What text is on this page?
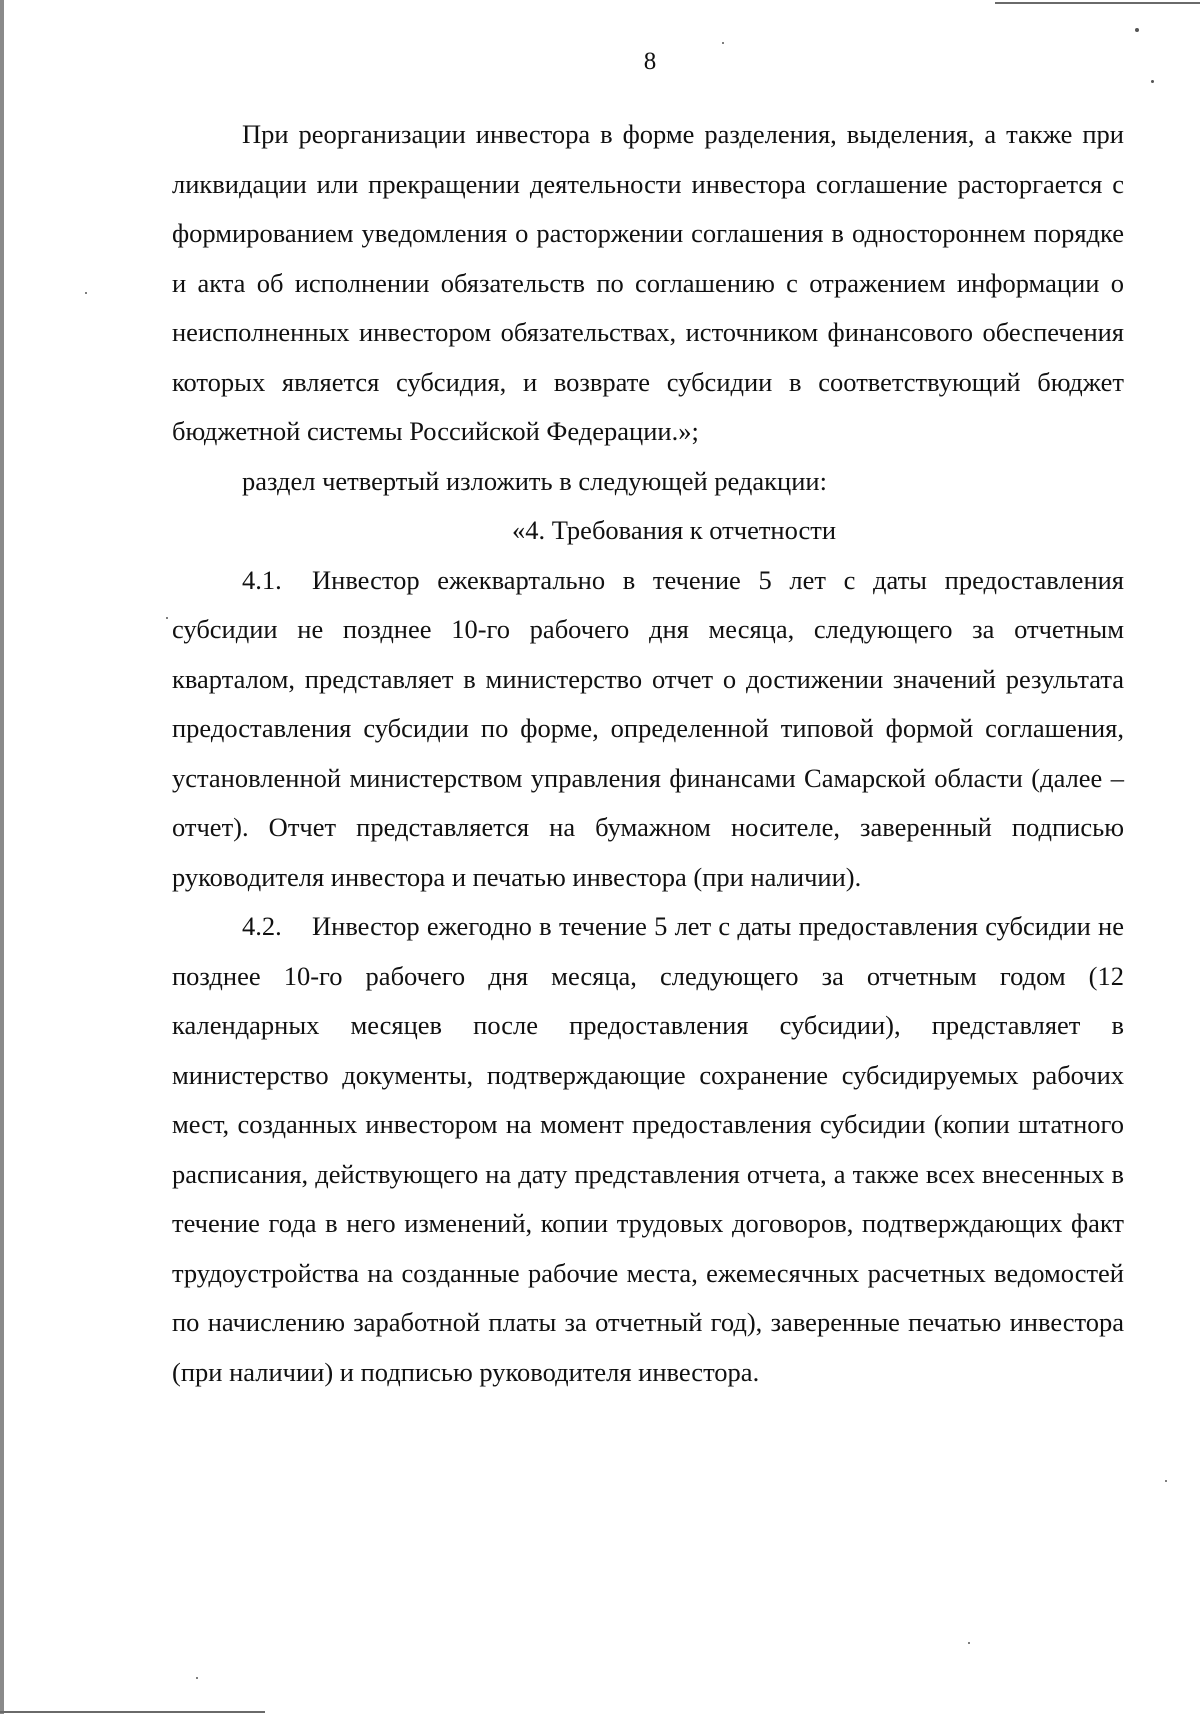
8

При реорганизации инвестора в форме разделения, выделения, а также при ликвидации или прекращении деятельности инвестора соглашение расторгается с формированием уведомления о расторжении соглашения в одностороннем порядке и акта об исполнении обязательств по соглашению с отражением информации о неисполненных инвестором обязательствах, источником финансового обеспечения которых является субсидия, и возврате субсидии в соответствующий бюджет бюджетной системы Российской Федерации.»;

раздел четвертый изложить в следующей редакции:

«4. Требования к отчетности

4.1. Инвестор ежеквартально в течение 5 лет с даты предоставления субсидии не позднее 10-го рабочего дня месяца, следующего за отчетным кварталом, представляет в министерство отчет о достижении значений результата предоставления субсидии по форме, определенной типовой формой соглашения, установленной министерством управления финансами Самарской области (далее – отчет). Отчет представляется на бумажном носителе, заверенный подписью руководителя инвестора и печатью инвестора (при наличии).

4.2. Инвестор ежегодно в течение 5 лет с даты предоставления субсидии не позднее 10-го рабочего дня месяца, следующего за отчетным годом (12 календарных месяцев после предоставления субсидии), представляет в министерство документы, подтверждающие сохранение субсидируемых рабочих мест, созданных инвестором на момент предоставления субсидии (копии штатного расписания, действующего на дату представления отчета, а также всех внесенных в течение года в него изменений, копии трудовых договоров, подтверждающих факт трудоустройства на созданные рабочие места, ежемесячных расчетных ведомостей по начислению заработной платы за отчетный год), заверенные печатью инвестора (при наличии) и подписью руководителя инвестора.
